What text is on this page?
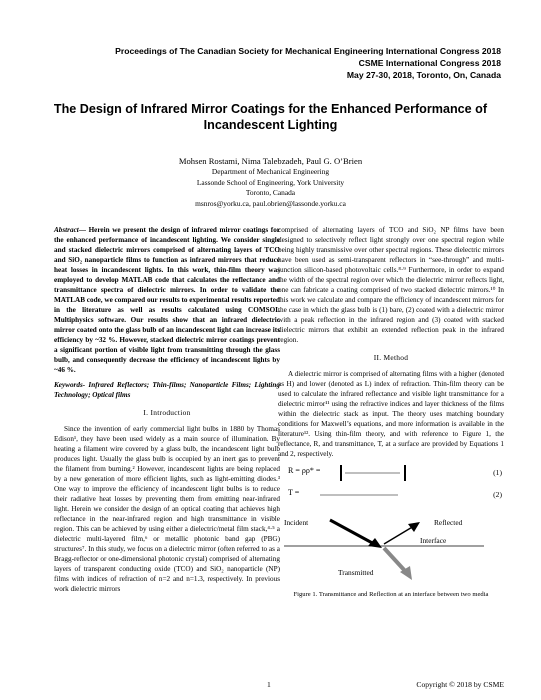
Proceedings of The Canadian Society for Mechanical Engineering International Congress 2018
CSME International Congress 2018
May 27-30, 2018, Toronto, On, Canada
The Design of Infrared Mirror Coatings for the Enhanced Performance of
Incandescent Lighting
Mohsen Rostami, Nima Talebzadeh, Paul G. O’Brien
Department of Mechanical Engineering
Lassonde School of Engineering, York University
Toronto, Canada
msnros@yorku.ca, paul.obrien@lassonde.yorku.ca

Abstract— Herein we present the design of infrared mirror coatings for the enhanced performance of incandescent lighting. We consider single and stacked dielectric mirrors comprised of alternating layers of TCO and SiO₂ nanoparticle films to function as infrared mirrors that reduce heat losses in incandescent lights. In this work, thin-film theory was employed to develop MATLAB code that calculates the reflectance and transmittance spectra of dielectric mirrors. In order to validate the MATLAB code, we compared our results to experimental results reported in the literature as well as results calculated using COMSOL Multiphysics software. Our results show that an infrared dielectric mirror coated onto the glass bulb of an incandescent light can increase its efficiency by ~32 %. However, stacked dielectric mirror coatings prevent a significant portion of visible light from transmitting through the glass bulb, and consequently decrease the efficiency of incandescent lights by ~46 %.

Keywords- Infrared Reflectors; Thin-films; Nanoparticle Films; Lighting Technology; Optical films

I. Introduction

Since the invention of early commercial light bulbs in 1880 by Thomas Edison¹, they have been used widely as a main source of illumination. By heating a filament wire covered by a glass bulb, the incandescent light bulb produces light. Usually the glass bulb is occupied by an inert gas to prevent the filament from burning.² However, incandescent lights are being replaced by a new generation of more efficient lights, such as light-emitting diodes.³ One way to improve the efficiency of incandescent light bulbs is to reduce their radiative heat losses by preventing them from emitting near-infrared light. Herein we consider the design of an optical coating that achieves high reflectance in the near-infrared region and high transmittance in visible region. This can be achieved by using either a dielectric/metal film stack,⁴·⁵ a dielectric multi-layered film,⁶ or metallic photonic band gap (PBG) structures⁷. In this study, we focus on a dielectric mirror (often referred to as a Bragg-reflector or one-dimensional photonic crystal) comprised of alternating layers of transparent conducting oxide (TCO) and SiO₂ nanoparticle (NP) films with indices of refraction of n=2 and n=1.3, respectively. In previous work dielectric mirrors

comprised of alternating layers of TCO and SiO₂ NP films have been designed to selectively reflect light strongly over one spectral region while being highly transmissive over other spectral regions. These dielectric mirrors have been used as semi-transparent reflectors in “see-through” and multi-junction silicon-based photovoltaic cells.⁸·⁹ Furthermore, in order to expand the width of the spectral region over which the dielectric mirror reflects light, one can fabricate a coating comprised of two stacked dielectric mirrors.¹⁰ In this work we calculate and compare the efficiency of incandescent mirrors for the case in which the glass bulb is (1) bare, (2) coated with a dielectric mirror with a peak reflection in the infrared region and (3) coated with stacked dielectric mirrors that exhibit an extended reflection peak in the infrared region.

II. Method

A dielectric mirror is comprised of alternating films with a higher (denoted as H) and lower (denoted as L) index of refraction. Thin-film theory can be used to calculate the infrared reflectance and visible light transmittance for a dielectric mirror¹¹ using the refractive indices and layer thickness of the films within the dielectric stack as input. The theory uses matching boundary conditions for Maxwell’s equations, and more information is available in the literature¹². Using thin-film theory, and with reference to Figure 1, the reflectance, R, and transmittance, T, at a surface are provided by Equations 1 and 2, respectively.

R = ρρ* =	(1)
T =	(2)
Incident	Reflected
Interface
Transmitted
Figure 1. Transmittance and Reflection at an interface between two media
1	Copyright © 2018 by CSME
